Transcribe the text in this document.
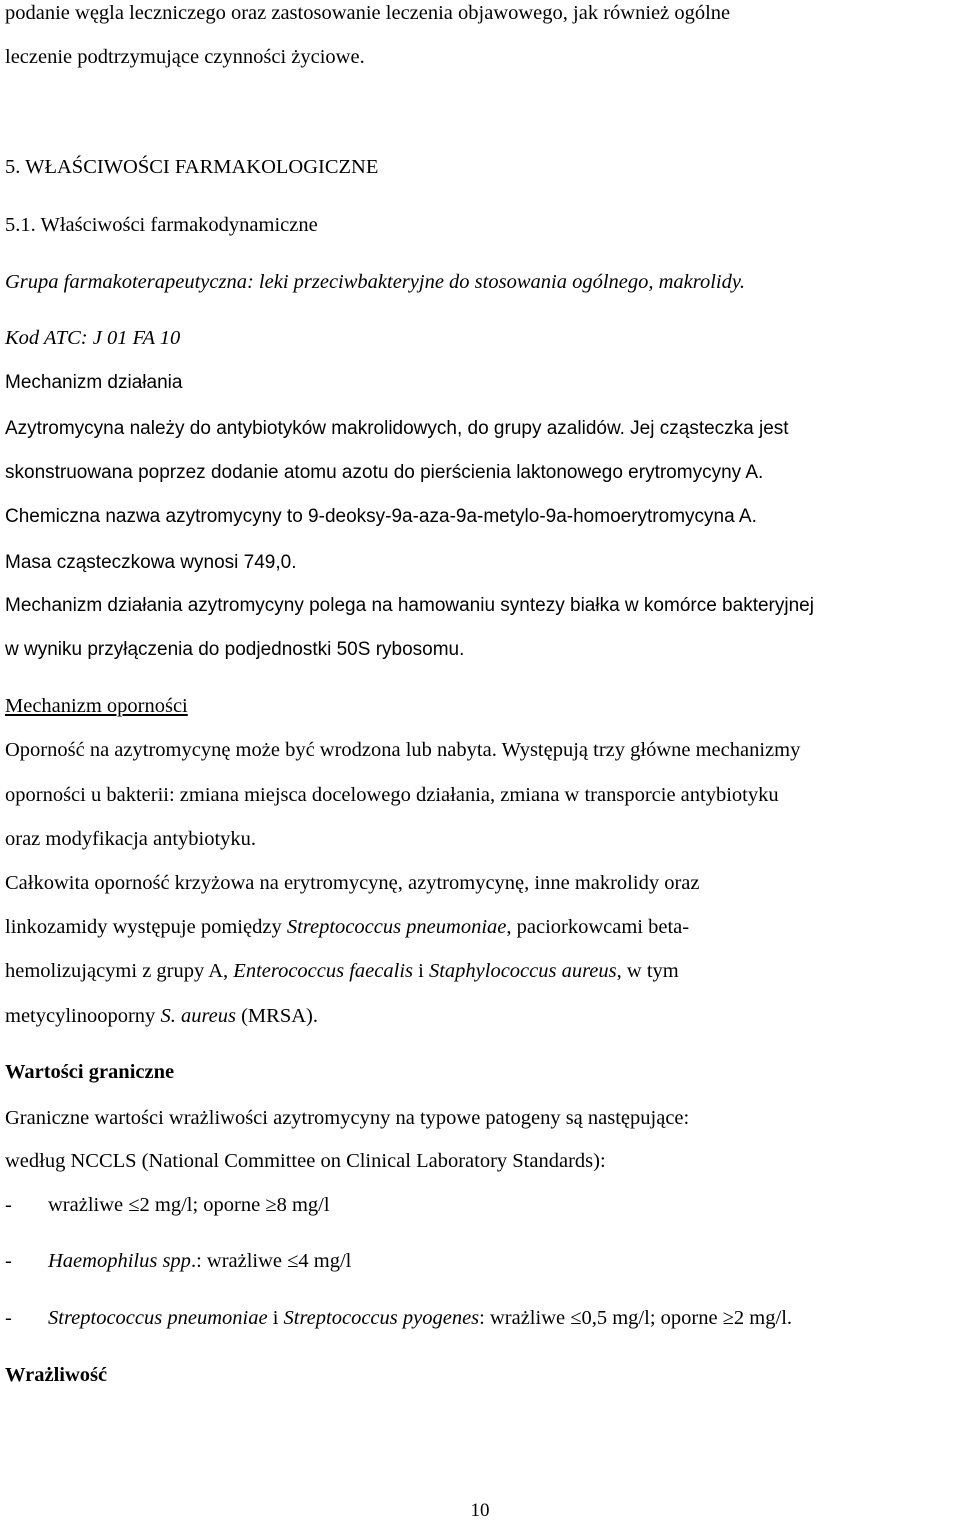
podanie węgla leczniczego oraz zastosowanie leczenia objawowego, jak również ogólne
leczenie podtrzymujące czynności życiowe.
5. WŁAŚCIWOŚCI FARMAKOLOGICZNE
5.1. Właściwości farmakodynamiczne
Grupa farmakoterapeutyczna: leki przeciwbakteryjne do stosowania ogólnego, makrolidy.
Kod ATC: J 01 FA 10
Mechanizm działania
Azytromycyna należy do antybiotyków makrolidowych, do grupy azalidów. Jej cząsteczka jest
skonstruowana poprzez dodanie atomu azotu do pierścienia laktonowego erytromycyny A.
Chemiczna nazwa azytromycyny to 9-deoksy-9a-aza-9a-metylo-9a-homoerytromycyna A.
Masa cząsteczkowa wynosi 749,0.
Mechanizm działania azytromycyny polega na hamowaniu syntezy białka w komórce bakteryjnej
w wyniku przyłączenia do podjednostki 50S rybosomu.
Mechanizm oporności
Oporność na azytromycynę może być wrodzona lub nabyta. Występują trzy główne mechanizmy
oporności u bakterii: zmiana miejsca docelowego działania, zmiana w transporcie antybiotyku
oraz modyfikacja antybiotyku.
Całkowita oporność krzyżowa na erytromycynę, azytromycynę, inne makrolidy oraz
linkozamidy występuje pomiędzy Streptococcus pneumoniae, paciorkowcami beta-
hemolizującymi z grupy A, Enterococcus faecalis i Staphylococcus aureus, w tym
metycylinooporny S. aureus (MRSA).
Wartości graniczne
Graniczne wartości wrażliwości azytromycyny na typowe patogeny są następujące:
według NCCLS (National Committee on Clinical Laboratory Standards):
- wrażliwe ≤2 mg/l; oporne ≥8 mg/l
- Haemophilus spp.: wrażliwe ≤4 mg/l
- Streptococcus pneumoniae i Streptococcus pyogenes: wrażliwe ≤0,5 mg/l; oporne ≥2 mg/l.
Wrażliwość
10
